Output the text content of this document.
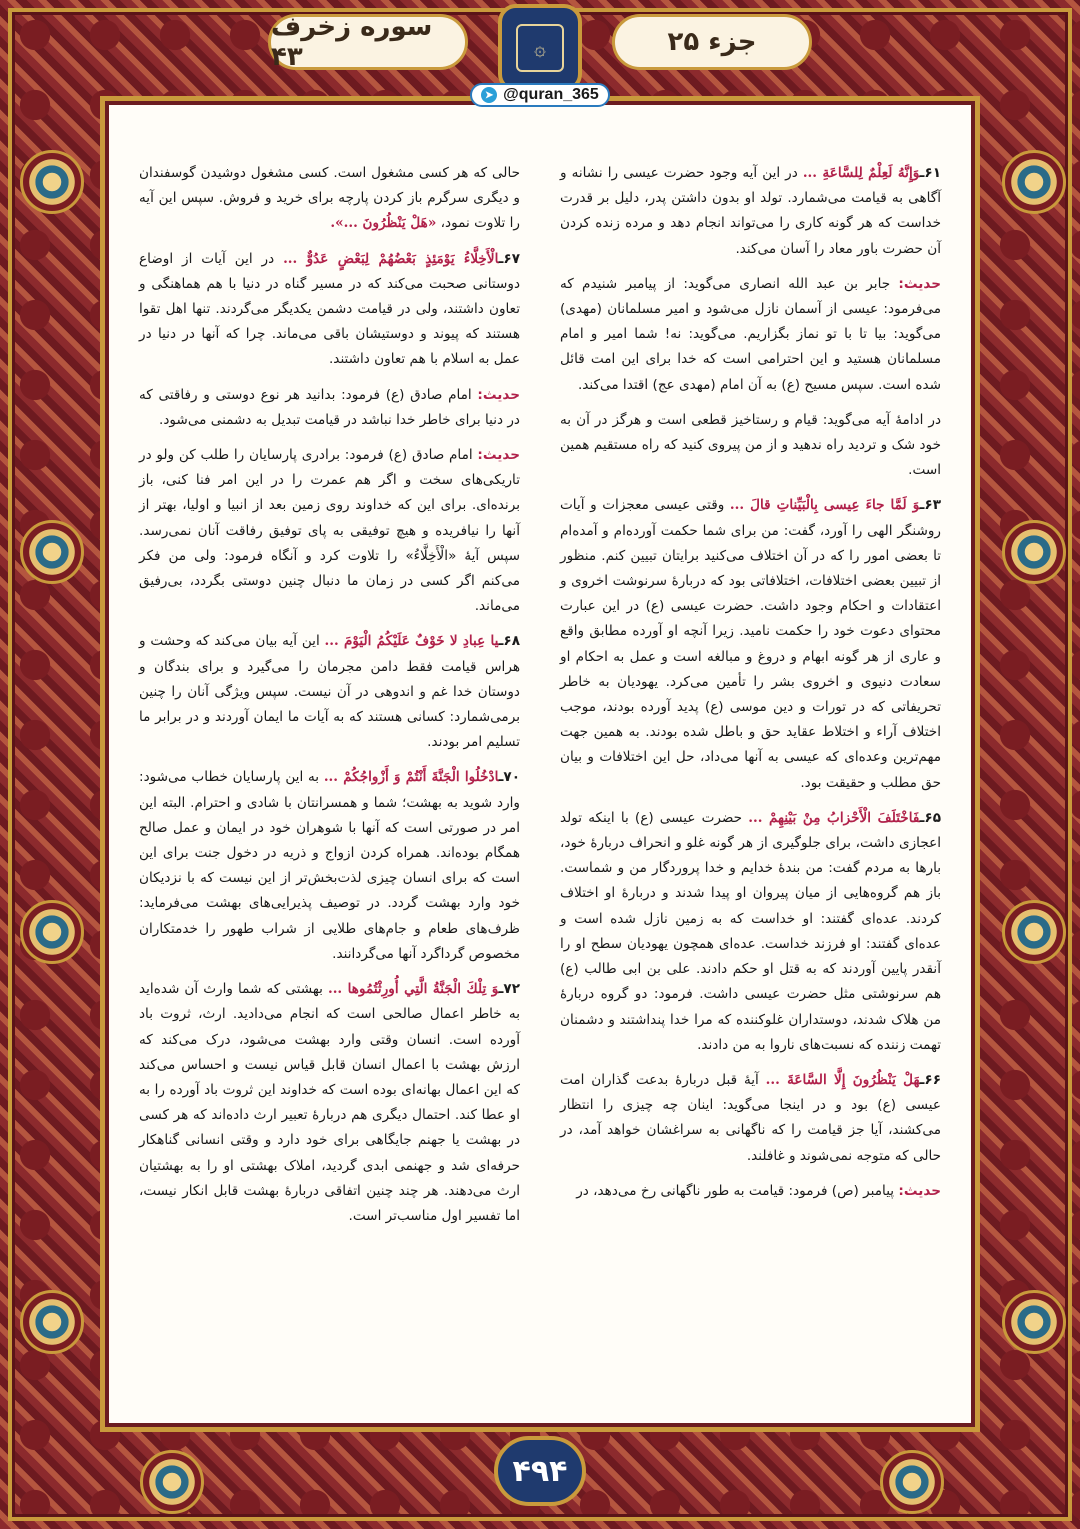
جزء ۲۵
سوره زخرف ۴۳	۞

۶۱ـوَإِنَّهُ لَعِلْمٌ لِلسَّاعَةِ ... در این آیه وجود حضرت عیسی را نشانه و آگاهی به قیامت می‌شمارد. تولد او بدون داشتن پدر، دلیل بر قدرت خداست که هر گونه کاری را می‌تواند انجام دهد و مرده زنده کردن آن حضرت باور معاد را آسان می‌کند.

حدیث: جابر بن عبد الله انصاری می‌گوید: از پیامبر شنیدم که می‌فرمود: عیسی از آسمان نازل می‌شود و امیر مسلمانان (مهدی) می‌گوید: بیا تا با تو نماز بگزاریم. می‌گوید: نه! شما امیر و امام مسلمانان هستید و این احترامی است که خدا برای این امت قائل شده است. سپس مسیح (ع) به آن امام (مهدی عج) اقتدا می‌کند.

در ادامهٔ آیه می‌گوید: قیام و رستاخیز قطعی است و هرگز در آن به خود شک و تردید راه ندهید و از من پیروی کنید که راه مستقیم همین است.

۶۳ـوَ لَمَّا جاءَ عِيسى بِالْبَيِّناتِ قالَ ... وقتی عیسی معجزات و آیات روشنگر الهی را آورد، گفت: من برای شما حکمت آورده‌ام و آمده‌ام تا بعضی امور را که در آن اختلاف می‌کنید برایتان تبیین کنم. منظور از تبیین بعضی اختلافات، اختلافاتی بود که دربارهٔ سرنوشت اخروی و اعتقادات و احکام وجود داشت. حضرت عیسی (ع) در این عبارت محتوای دعوت خود را حکمت نامید. زیرا آنچه او آورده مطابق واقع و عاری از هر گونه ابهام و دروغ و مبالغه است و عمل به احکام او سعادت دنیوی و اخروی بشر را تأمین می‌کرد. یهودیان به خاطر تحریفاتی که در تورات و دین موسی (ع) پدید آورده بودند، موجب اختلاف آراء و اختلاط عقاید حق و باطل شده بودند. به همین جهت مهم‌ترین وعده‌ای که عیسی به آنها می‌داد، حل این اختلافات و بیان حق مطلب و حقیقت بود.

۶۵ـفَاخْتَلَفَ الْأَحْزابُ مِنْ بَيْنِهِمْ ... حضرت عیسی (ع) با اینکه تولد اعجازی داشت، برای جلوگیری از هر گونه غلو و انحراف دربارهٔ خود، بارها به مردم گفت: من بندهٔ خدایم و خدا پروردگار من و شماست. باز هم گروه‌هایی از میان پیروان او پیدا شدند و دربارهٔ او اختلاف کردند. عده‌ای گفتند: او خداست که به زمین نازل شده است و عده‌ای گفتند: او فرزند خداست. عده‌ای همچون یهودیان سطح او را آنقدر پایین آوردند که به قتل او حکم دادند. علی بن ابی طالب (ع) هم سرنوشتی مثل حضرت عیسی داشت. فرمود: دو گروه دربارهٔ من هلاک شدند، دوستداران غلوکننده که مرا خدا پنداشتند و دشمنان تهمت زننده که نسبت‌های ناروا به من دادند.

۶۶ـهَلْ يَنْظُرُونَ إِلَّا السَّاعَةَ ... آیهٔ قبل دربارهٔ بدعت گذاران امت عیسی (ع) بود و در اینجا می‌گوید: اینان چه چیزی را انتظار می‌کشند، آیا جز قیامت را که ناگهانی به سراغشان خواهد آمد، در حالی که متوجه نمی‌شوند و غافلند.

حدیث: پیامبر (ص) فرمود: قیامت به طور ناگهانی رخ می‌دهد، در

حالی که هر کسی مشغول است. کسی مشغول دوشیدن گوسفندان و دیگری سرگرم باز کردن پارچه برای خرید و فروش. سپس این آیه را تلاوت نمود، «هَلْ يَنْظُرُونَ ...».

۶۷ـالْأَخِلَّاءُ يَوْمَئِذٍ بَعْضُهُمْ لِبَعْضٍ عَدُوٌّ ... در این آیات از اوضاع دوستانی صحبت می‌کند که در مسیر گناه در دنیا با هم هماهنگی و تعاون داشتند، ولی در قیامت دشمن یکدیگر می‌گردند. تنها اهل تقوا هستند که پیوند و دوستیشان باقی می‌ماند. چرا که آنها در دنیا در عمل به اسلام با هم تعاون داشتند.

حدیث: امام صادق (ع) فرمود: بدانید هر نوع دوستی و رفاقتی که در دنیا برای خاطر خدا نباشد در قیامت تبدیل به دشمنی می‌شود.

حدیث: امام صادق (ع) فرمود: برادری پارسایان را طلب کن ولو در تاریکی‌های سخت و اگر هم عمرت را در این امر فنا کنی، باز برنده‌ای. برای این که خداوند روی زمین بعد از انبیا و اولیا، بهتر از آنها را نیافریده و هیچ توفیقی به پای توفیق رفاقت آنان نمی‌رسد. سپس آیهٔ «الْأَخِلَّاءُ» را تلاوت کرد و آنگاه فرمود: ولی من فکر می‌کنم اگر کسی در زمان ما دنبال چنین دوستی بگردد، بی‌رفیق می‌ماند.

۶۸ـيا عِبادِ لا خَوْفٌ عَلَيْكُمُ الْيَوْمَ ... این آیه بیان می‌کند که وحشت و هراس قیامت فقط دامن مجرمان را می‌گیرد و برای بندگان و دوستان خدا غم و اندوهی در آن نیست. سپس ویژگی آنان را چنین برمی‌شمارد: کسانی هستند که به آیات ما ایمان آوردند و در برابر ما تسلیم امر بودند.

۷۰ـادْخُلُوا الْجَنَّةَ أَنْتُمْ وَ أَزْواجُكُمْ ... به این پارسایان خطاب می‌شود: وارد شوید به بهشت؛ شما و همسرانتان با شادی و احترام. البته این امر در صورتی است که آنها با شوهران خود در ایمان و عمل صالح همگام بوده‌اند. همراه کردن ازواج و ذریه در دخول جنت برای این است که برای انسان چیزی لذت‌بخش‌تر از این نیست که با نزدیکان خود وارد بهشت گردد. در توصیف پذیرایی‌های بهشت می‌فرماید: ظرف‌های طعام و جام‌های طلایی از شراب طهور را خدمتکاران مخصوص گرداگرد آنها می‌گردانند.

۷۲ـوَ تِلْكَ الْجَنَّةُ الَّتِي أُورِثْتُمُوها ... بهشتی که شما وارث آن شده‌اید به خاطر اعمال صالحی است که انجام می‌دادید. ارث، ثروت باد آورده است. انسان وقتی وارد بهشت می‌شود، درک می‌کند که ارزش بهشت با اعمال انسان قابل قیاس نیست و احساس می‌کند که این اعمال بهانه‌ای بوده است که خداوند این ثروت باد آورده را به او عطا کند. احتمال دیگری هم دربارهٔ تعبیر ارث داده‌اند که هر کسی در بهشت یا جهنم جایگاهی برای خود دارد و وقتی انسانی گناهکار حرفه‌ای شد و جهنمی ابدی گردید، املاک بهشتی او را به بهشتیان ارث می‌دهند. هر چند چنین اتفاقی دربارهٔ بهشت قابل انکار نیست، اما تفسیر اول مناسب‌تر است.

➤ @quran_365
۴۹۴
